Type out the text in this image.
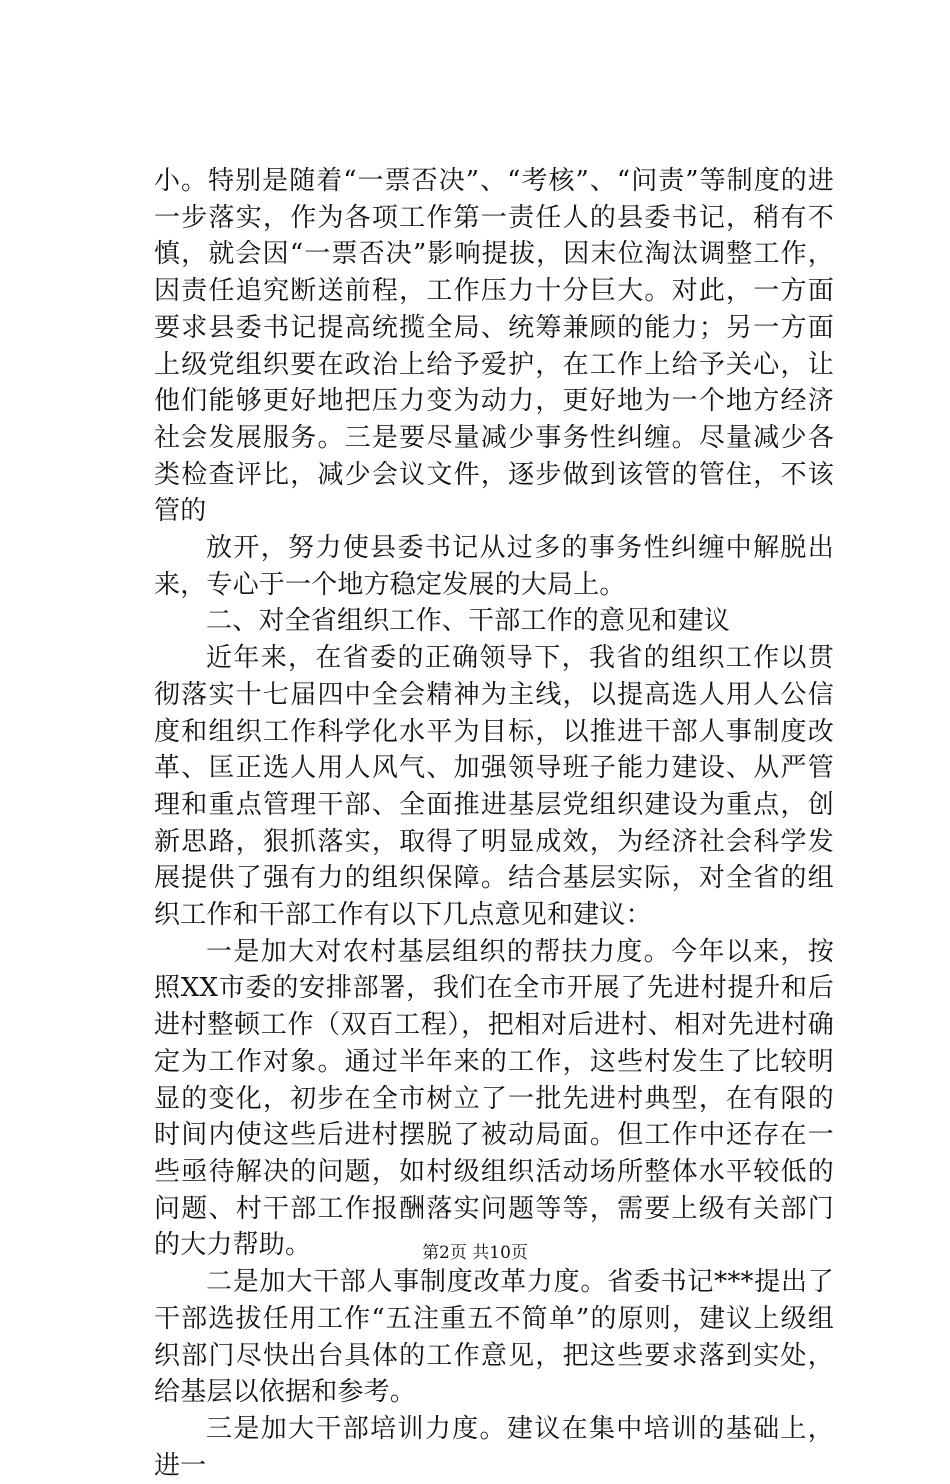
小。特别是随着“一票否决”、“考核”、“问责”等制度的进一步落实，作为各项工作第一责任人的县委书记，稍有不慎，就会因“一票否决”影响提拔，因末位淘汰调整工作，因责任追究断送前程，工作压力十分巨大。对此，一方面要求县委书记提高统揽全局、统筹兼顾的能力；另一方面上级党组织要在政治上给予爱护，在工作上给予关心，让他们能够更好地把压力变为动力，更好地为一个地方经济社会发展服务。三是要尽量减少事务性纠缠。尽量减少各类检查评比，减少会议文件，逐步做到该管的管住，不该管的

放开，努力使县委书记从过多的事务性纠缠中解脱出来，专心于一个地方稳定发展的大局上。

二、对全省组织工作、干部工作的意见和建议

近年来，在省委的正确领导下，我省的组织工作以贯彻落实十七届四中全会精神为主线，以提高选人用人公信度和组织工作科学化水平为目标，以推进干部人事制度改革、匡正选人用人风气、加强领导班子能力建设、从严管理和重点管理干部、全面推进基层党组织建设为重点，创新思路，狠抓落实，取得了明显成效，为经济社会科学发展提供了强有力的组织保障。结合基层实际，对全省的组织工作和干部工作有以下几点意见和建议：

一是加大对农村基层组织的帮扶力度。今年以来，按照XX市委的安排部署，我们在全市开展了先进村提升和后进村整顿工作（双百工程），把相对后进村、相对先进村确定为工作对象。通过半年来的工作，这些村发生了比较明显的变化，初步在全市树立了一批先进村典型，在有限的时间内使这些后进村摆脱了被动局面。但工作中还存在一些亟待解决的问题，如村级组织活动场所整体水平较低的问题、村干部工作报酬落实问题等等，需要上级有关部门的大力帮助。

二是加大干部人事制度改革力度。省委书记***提出了干部选拔任用工作“五注重五不简单”的原则，建议上级组织部门尽快出台具体的工作意见，把这些要求落到实处，给基层以依据和参考。

三是加大干部培训力度。建议在集中培训的基础上，进一

第2页 共10页
